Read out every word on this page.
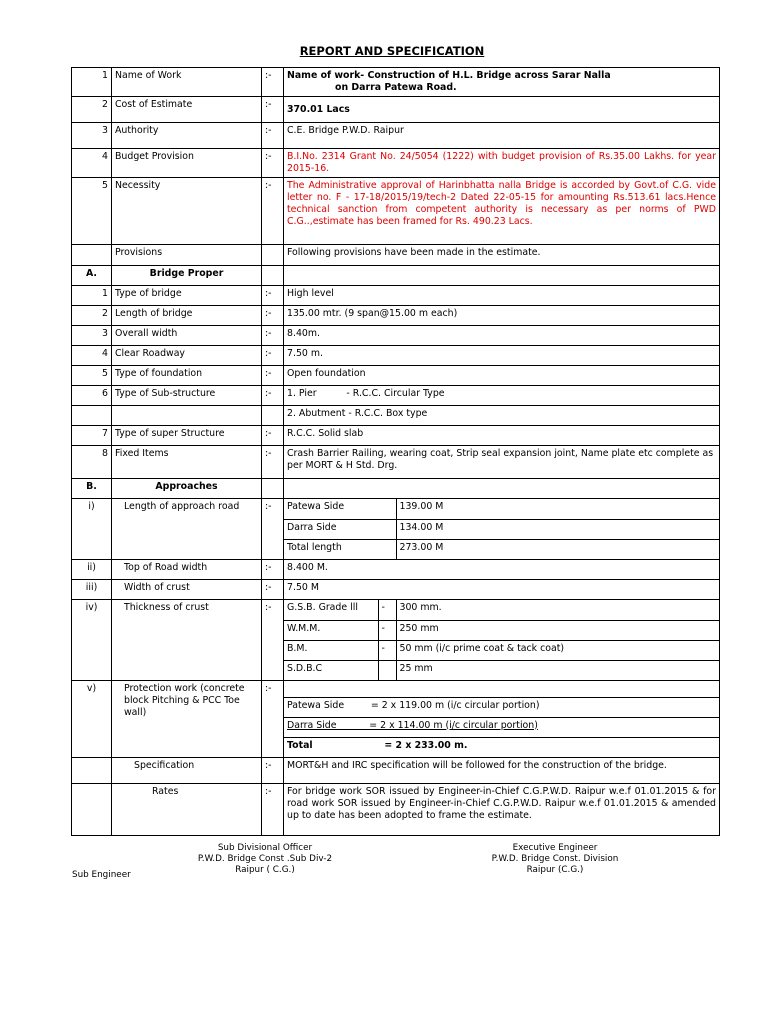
REPORT AND SPECIFICATION
1	Name of Work	:-	Name of work- Construction of H.L. Bridge across Sarar Nalla
on Darra Patewa Road.

2	Cost of Estimate	:-	370.01 Lacs
3	Authority	:-	C.E. Bridge P.W.D. Raipur
4	Budget Provision	:-	B.I.No. 2314 Grant No. 24/5054 (1222) with budget provision of Rs.35.00 Lakhs. for year 2015-16.
5	Necessity	:-	The Administrative approval of Harinbhatta nalla Bridge is accorded by Govt.of C.G. vide letter no. F - 17-18/2015/19/tech-2 Dated 22-05-15 for amounting Rs.513.61 lacs.Hence technical sanction from competent authority is necessary as per norms of PWD C.G..,estimate has been framed for Rs. 490.23 Lacs.
	Provisions		Following provisions have been made in the estimate.
A.	Bridge Proper		
1	Type of bridge	:-	High level
2	Length of bridge	:-	135.00 mtr. (9 span@15.00 m each)
3	Overall width	:-	8.40m.
4	Clear Roadway	:-	7.50 m.
5	Type of foundation	:-	Open foundation
6	Type of Sub-structure	:-	1. Pier          - R.C.C. Circular Type
			2. Abutment - R.C.C. Box type
7	Type of super Structure	:-	R.C.C. Solid slab
8	Fixed Items	:-	Crash Barrier Railing, wearing coat, Strip seal expansion joint, Name plate etc complete as per MORT & H Std. Drg.
B.	Approaches		
i)	Length of approach road	:-	Patewa Side	139.00 M
Darra Side	134.00 M
Total length	273.00 M

ii)	Top of Road width	:-	8.400 M.
iii)	Width of crust	:-	7.50 M
iv)	Thickness of crust	:-	G.S.B. Grade lll	-	300 mm.
W.M.M.	-	250 mm
B.M.	-	50 mm (i/c prime coat & tack coat)
S.D.B.C		25 mm

v)	Protection work (concrete block Pitching & PCC Toe wall)	:-	

Patewa Side         = 2 x 119.00 m (i/c circular portion)
Darra Side           = 2 x 114.00 m (i/c circular portion)
Total                      = 2 x 233.00 m.

	Specification	:-	MORT&H and IRC specification will be followed for the construction of the bridge.
	Rates	:-	For bridge work SOR issued by Engineer-in-Chief C.G.P.W.D. Raipur w.e.f 01.01.2015 & for road work SOR issued by Engineer-in-Chief C.G.P.W.D. Raipur w.e.f 01.01.2015 & amended up to date has been adopted to frame the estimate.
Sub Engineer
Sub Divisional Officer
P.W.D. Bridge Const .Sub Div-2
Raipur ( C.G.)
Executive Engineer
P.W.D. Bridge Const. Division
Raipur (C.G.)
